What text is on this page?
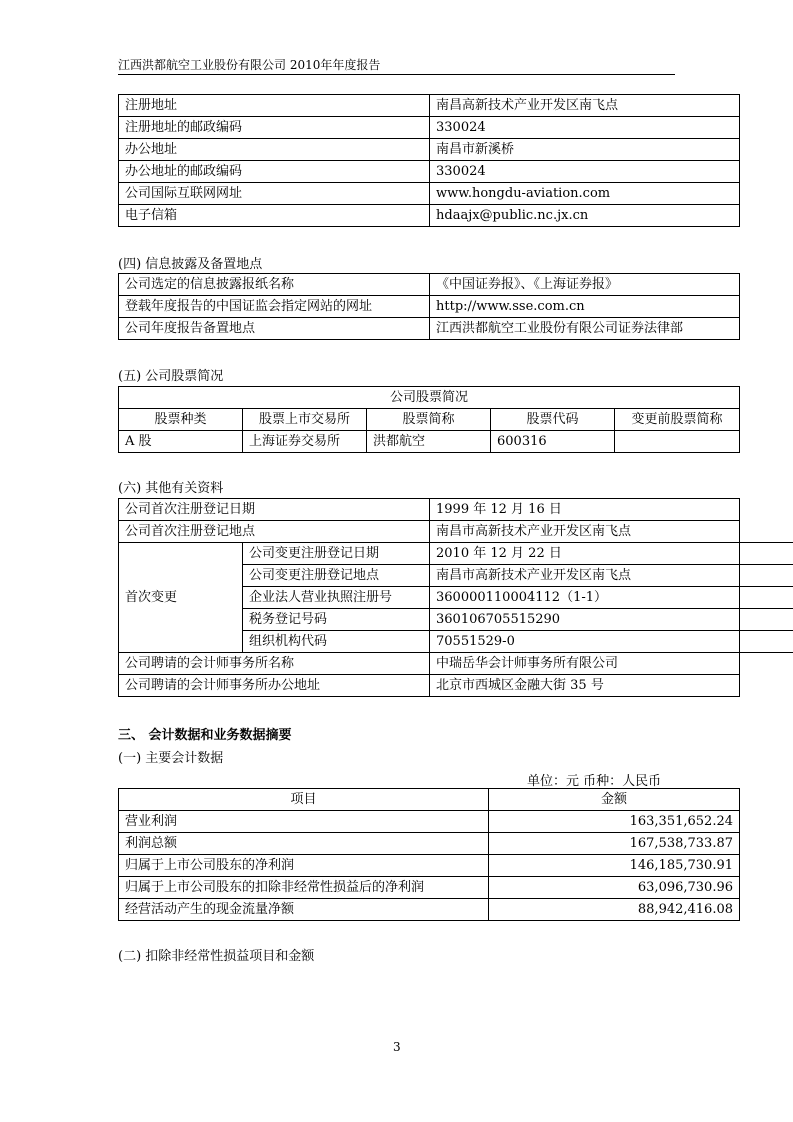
江西洪都航空工业股份有限公司 2010年年度报告
注册地址	南昌高新技术产业开发区南飞点
注册地址的邮政编码	330024
办公地址	南昌市新溪桥
办公地址的邮政编码	330024
公司国际互联网网址	www.hongdu-aviation.com
电子信箱	hdaajx@public.nc.jx.cn
(四) 信息披露及备置地点
公司选定的信息披露报纸名称	《中国证券报》、《上海证券报》
登载年度报告的中国证监会指定网站的网址	http://www.sse.com.cn
公司年度报告备置地点	江西洪都航空工业股份有限公司证券法律部
(五) 公司股票简况
公司股票简况				
股票种类	股票上市交易所	股票简称	股票代码	变更前股票简称
A 股	上海证券交易所	洪都航空	600316	
(六) 其他有关资料
公司首次注册登记日期		1999 年 12 月 16 日	
公司首次注册登记地点		南昌市高新技术产业开发区南飞点	
首次变更	公司变更注册登记日期	2010 年 12 月 22 日	
	公司变更注册登记地点	南昌市高新技术产业开发区南飞点	
	企业法人营业执照注册号	360000110004112（1-1）	
	税务登记号码	360106705515290	
	组织机构代码	70551529-0	
公司聘请的会计师事务所名称		中瑞岳华会计师事务所有限公司	
公司聘请的会计师事务所办公地址		北京市西城区金融大街 35 号	
三、 会计数据和业务数据摘要
(一) 主要会计数据
单位：元 币种：人民币
项目	金额
营业利润	163,351,652.24
利润总额	167,538,733.87
归属于上市公司股东的净利润	146,185,730.91
归属于上市公司股东的扣除非经常性损益后的净利润	63,096,730.96
经营活动产生的现金流量净额	88,942,416.08
(二) 扣除非经常性损益项目和金额
3
